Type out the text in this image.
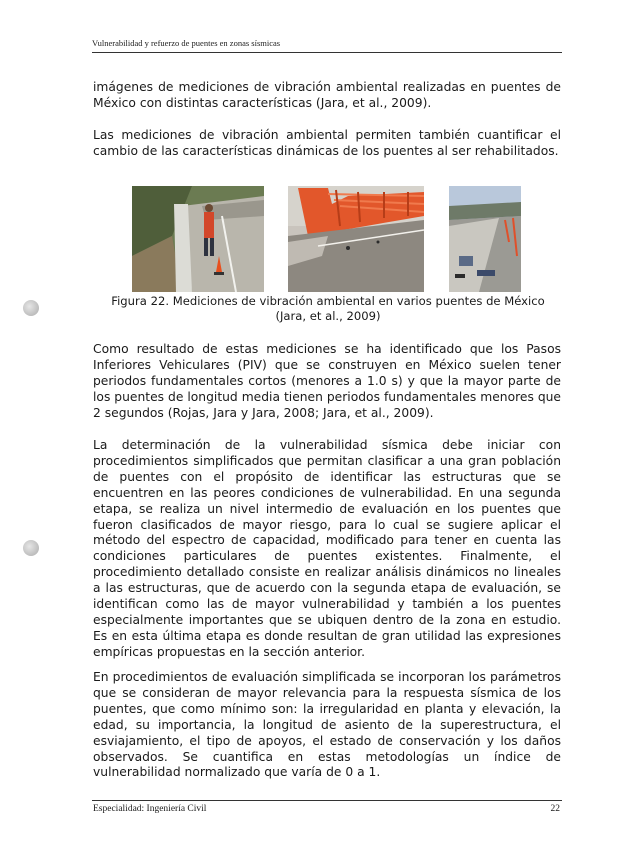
Vulnerabilidad y refuerzo de puentes en zonas sísmicas

imágenes de mediciones de vibración ambiental realizadas en puentes de México con distintas características (Jara, et al., 2009).

Las mediciones de vibración ambiental permiten también cuantificar el cambio de las características dinámicas de los puentes al ser rehabilitados.

Figura 22. Mediciones de vibración ambiental en varios puentes de México
(Jara, et al., 2009)

Como resultado de estas mediciones se ha identificado que los Pasos Inferiores Vehiculares (PIV) que se construyen en México suelen tener periodos fundamentales cortos (menores a 1.0 s) y que la mayor parte de los puentes de longitud media tienen periodos fundamentales menores que 2 segundos (Rojas, Jara y Jara, 2008; Jara, et al., 2009).

La determinación de la vulnerabilidad sísmica debe iniciar con procedimientos simplificados que permitan clasificar a una gran población de puentes con el propósito de identificar las estructuras que se encuentren en las peores condiciones de vulnerabilidad. En una segunda etapa, se realiza un nivel intermedio de evaluación en los puentes que fueron clasificados de mayor riesgo, para lo cual se sugiere aplicar el método del espectro de capacidad, modificado para tener en cuenta las condiciones particulares de puentes existentes. Finalmente, el procedimiento detallado consiste en realizar análisis dinámicos no lineales a las estructuras, que de acuerdo con la segunda etapa de evaluación, se identifican como las de mayor vulnerabilidad y también a los puentes especialmente importantes que se ubiquen dentro de la zona en estudio. Es en esta última etapa es donde resultan de gran utilidad las expresiones empíricas propuestas en la sección anterior.

En procedimientos de evaluación simplificada se incorporan los parámetros que se consideran de mayor relevancia para la respuesta sísmica de los puentes, que como mínimo son: la irregularidad en planta y elevación, la edad, su importancia, la longitud de asiento de la superestructura, el esviajamiento, el tipo de apoyos, el estado de conservación y los daños observados. Se cuantifica en estas metodologías un índice de vulnerabilidad normalizado que varía de 0 a 1.

Especialidad: Ingeniería Civil	22
